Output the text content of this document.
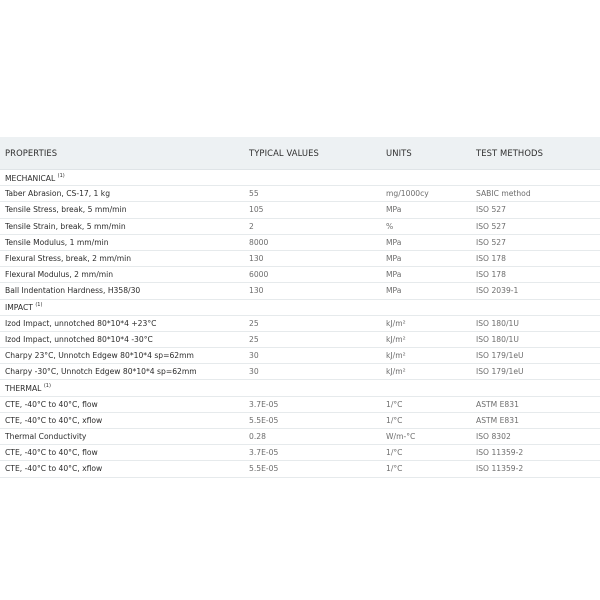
PROPERTIES	TYPICAL VALUES	UNITS	TEST METHODS
MECHANICAL $^{(1)}$
Taber Abrasion, CS-17, 1 kg	55	mg/1000cy	SABIC method
Tensile Stress, break, 5 mm/min	105	MPa	ISO 527
Tensile Strain, break, 5 mm/min	2	%	ISO 527
Tensile Modulus, 1 mm/min	8000	MPa	ISO 527
Flexural Stress, break, 2 mm/min	130	MPa	ISO 178
Flexural Modulus, 2 mm/min	6000	MPa	ISO 178
Ball Indentation Hardness, H358/30	130	MPa	ISO 2039-1
IMPACT $^{(1)}$
Izod Impact, unnotched 80*10*4 +23°C	25	kJ/m²	ISO 180/1U
Izod Impact, unnotched 80*10*4 -30°C	25	kJ/m²	ISO 180/1U
Charpy 23°C, Unnotch Edgew 80*10*4 sp=62mm	30	kJ/m²	ISO 179/1eU
Charpy -30°C, Unnotch Edgew 80*10*4 sp=62mm	30	kJ/m²	ISO 179/1eU
THERMAL $^{(1)}$
CTE, -40°C to 40°C, flow	3.7E-05	1/°C	ASTM E831
CTE, -40°C to 40°C, xflow	5.5E-05	1/°C	ASTM E831
Thermal Conductivity	0.28	W/m-°C	ISO 8302
CTE, -40°C to 40°C, flow	3.7E-05	1/°C	ISO 11359-2
CTE, -40°C to 40°C, xflow	5.5E-05	1/°C	ISO 11359-2
